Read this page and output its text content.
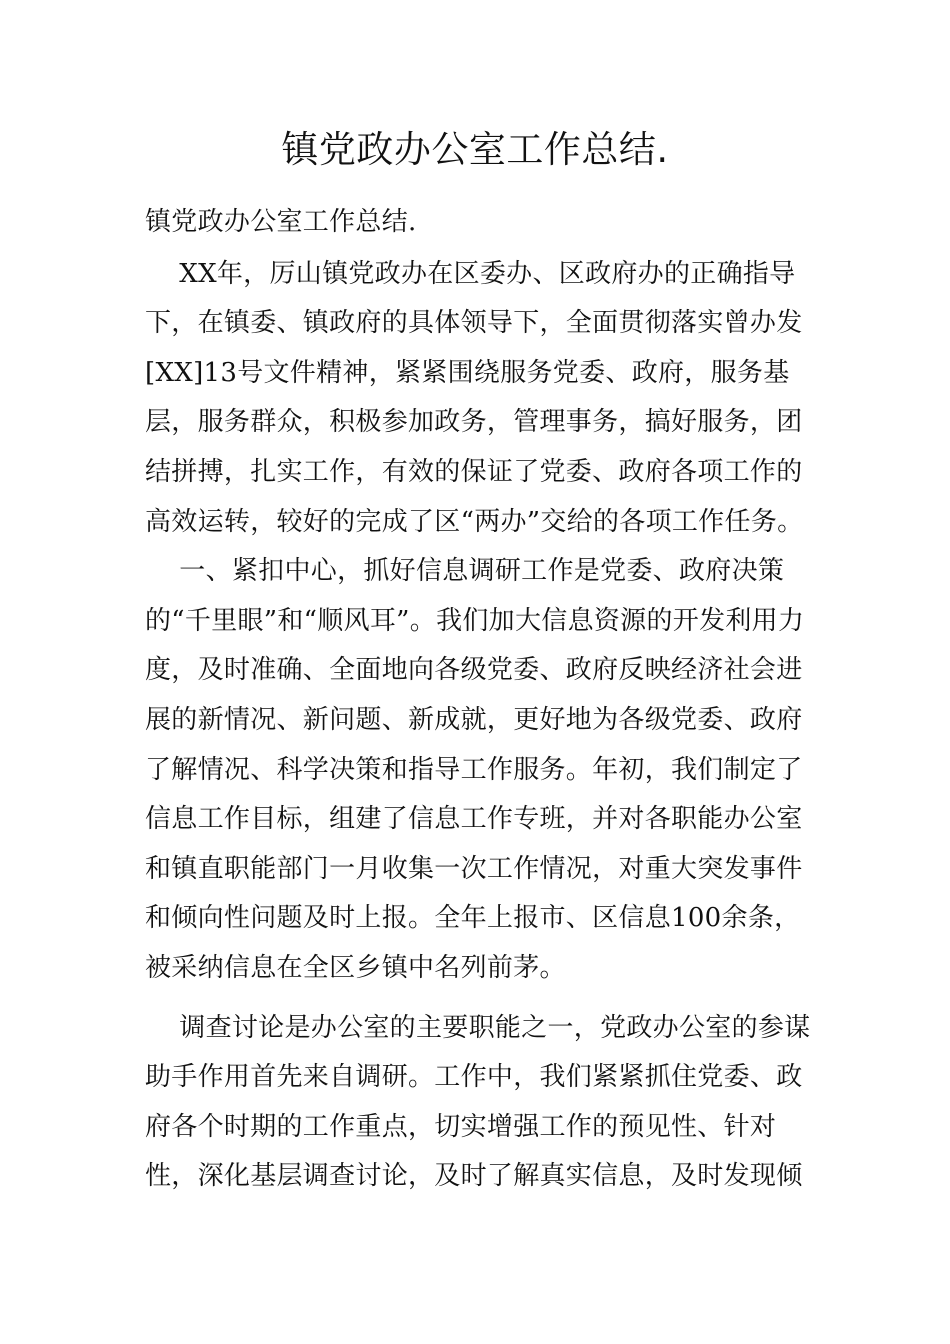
镇党政办公室工作总结.

镇党政办公室工作总结.

XX年，厉山镇党政办在区委办、区政府办的正确指导下，在镇委、镇政府的具体领导下，全面贯彻落实曾办发[XX]13号文件精神，紧紧围绕服务党委、政府，服务基层，服务群众，积极参加政务，管理事务，搞好服务，团结拼搏，扎实工作，有效的保证了党委、政府各项工作的高效运转，较好的完成了区“两办”交给的各项工作任务。

一、紧扣中心，抓好信息调研工作是党委、政府决策的“千里眼”和“顺风耳”。我们加大信息资源的开发利用力度，及时准确、全面地向各级党委、政府反映经济社会进展的新情况、新问题、新成就，更好地为各级党委、政府了解情况、科学决策和指导工作服务。年初，我们制定了信息工作目标，组建了信息工作专班，并对各职能办公室和镇直职能部门一月收集一次工作情况，对重大突发事件和倾向性问题及时上报。全年上报市、区信息100余条，被采纳信息在全区乡镇中名列前茅。

调查讨论是办公室的主要职能之一，党政办公室的参谋助手作用首先来自调研。工作中，我们紧紧抓住党委、政府各个时期的工作重点，切实增强工作的预见性、针对性，深化基层调查讨论，及时了解真实信息，及时发现倾
